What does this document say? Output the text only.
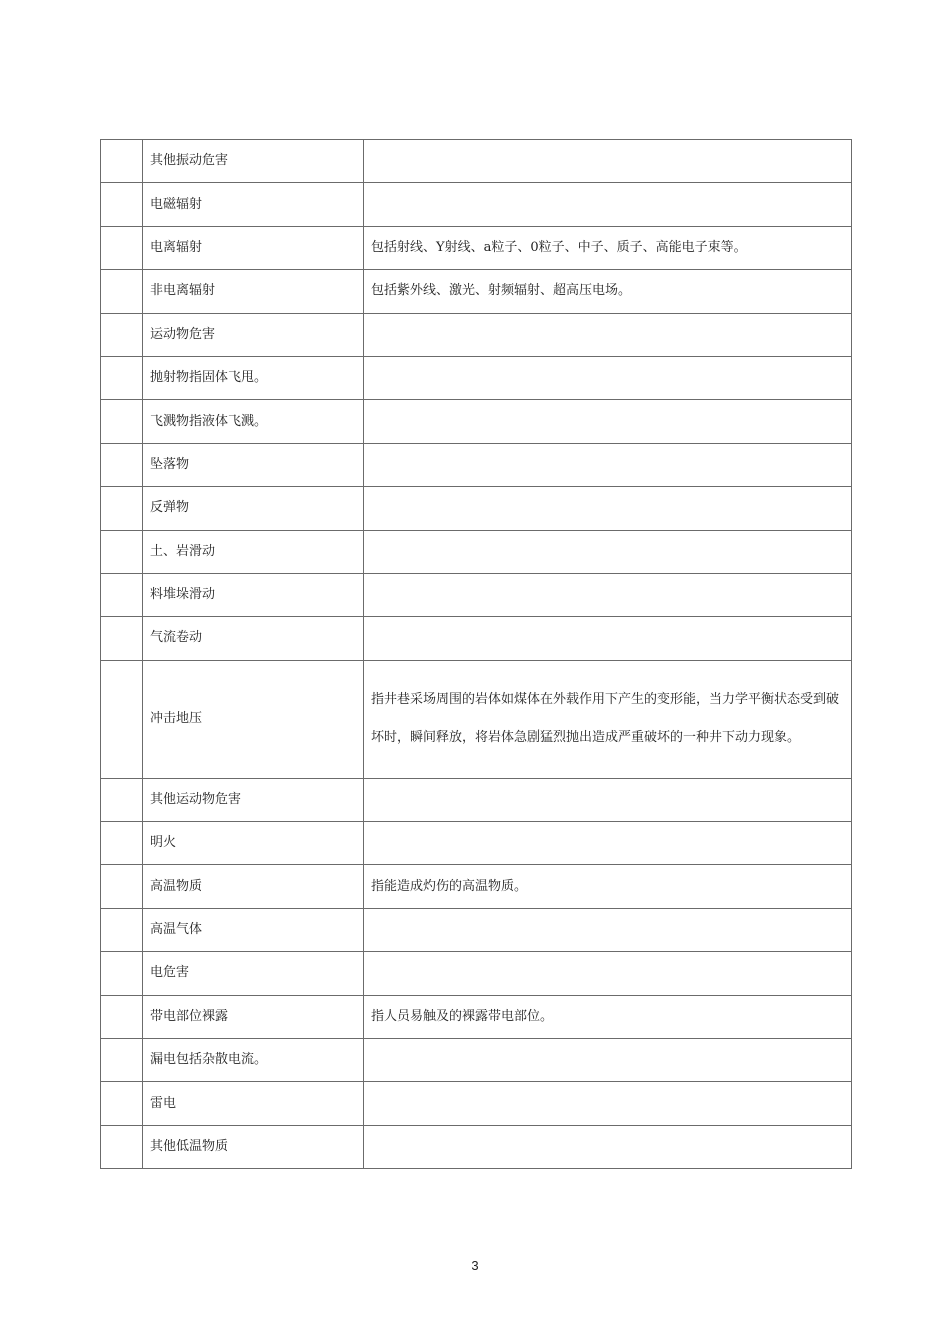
	其他振动危害	
	电磁辐射	
	电离辐射	包括射线、Y射线、a粒子、0粒子、中子、质子、高能电子束等。
	非电离辐射	包括紫外线、激光、射频辐射、超高压电场。
	运动物危害	
	抛射物指固体飞甩。	
	飞溅物指液体飞溅。	
	坠落物	
	反弹物	
	土、岩滑动	
	料堆垛滑动	
	气流卷动	
	冲击地压	指井巷采场周围的岩体如煤体在外载作用下产生的变形能，当力学平衡状态受到破坏时，瞬间释放，将岩体急剧猛烈抛出造成严重破坏的一种井下动力现象。
	其他运动物危害	
	明火	
	高温物质	指能造成灼伤的高温物质。
	高温气体	
	电危害	
	带电部位裸露	指人员易触及的裸露带电部位。
	漏电包括杂散电流。	
	雷电	
	其他低温物质	
3
